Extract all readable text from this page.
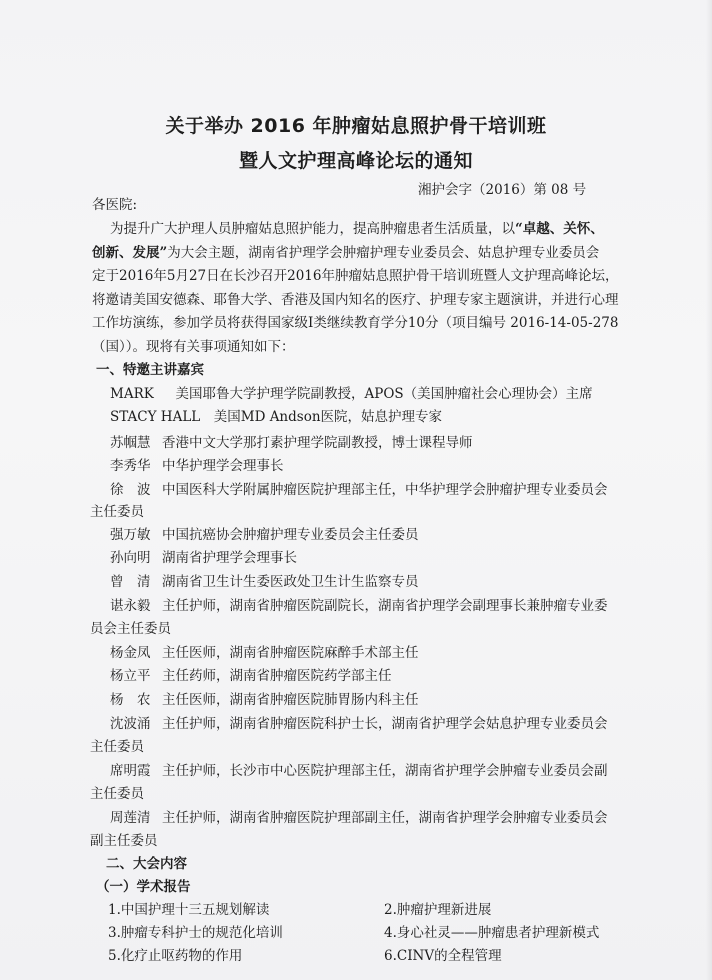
关于举办 2016 年肿瘤姑息照护骨干培训班
暨人文护理高峰论坛的通知
湘护会字（2016）第 08 号
各医院:
为提升广大护理人员肿瘤姑息照护能力，提高肿瘤患者生活质量，以“卓越、关怀、
创新、发展”为大会主题，湖南省护理学会肿瘤护理专业委员会、姑息护理专业委员会
定于2016年5月27日在长沙召开2016年肿瘤姑息照护骨干培训班暨人文护理高峰论坛，
将邀请美国安德森、耶鲁大学、香港及国内知名的医疗、护理专家主题演讲，并进行心理
工作坊演练，参加学员将获得国家级Ⅰ类继续教育学分10分（项目编号 2016-14-05-278
（国））。现将有关事项通知如下：
一、特邀主讲嘉宾
MARK　 美国耶鲁大学护理学院副教授，APOS（美国肿瘤社会心理协会）主席
STACY HALL　 美国MD Andson医院，姑息护理专家
苏帼慧 香港中文大学那打素护理学院副教授，博士课程导师
李秀华 中华护理学会理事长
徐　波 中国医科大学附属肿瘤医院护理部主任，中华护理学会肿瘤护理专业委员会
主任委员
强万敏 中国抗癌协会肿瘤护理专业委员会主任委员
孙向明 湖南省护理学会理事长
曾　清 湖南省卫生计生委医政处卫生计生监察专员
谌永毅 主任护师，湖南省肿瘤医院副院长，湖南省护理学会副理事长兼肿瘤专业委
员会主任委员
杨金凤 主任医师，湖南省肿瘤医院麻醉手术部主任
杨立平 主任药师，湖南省肿瘤医院药学部主任
杨　农 主任医师，湖南省肿瘤医院肺胃肠内科主任
沈波涌 主任护师，湖南省肿瘤医院科护士长，湖南省护理学会姑息护理专业委员会
主任委员
席明霞 主任护师，长沙市中心医院护理部主任，湖南省护理学会肿瘤专业委员会副
主任委员
周莲清 主任护师，湖南省肿瘤医院护理部副主任，湖南省护理学会肿瘤专业委员会
副主任委员
二、大会内容
（一）学术报告
1.中国护理十三五规划解读	2.肿瘤护理新进展
3.肿瘤专科护士的规范化培训	4.身心社灵——肿瘤患者护理新模式
5.化疗止呕药物的作用	6.CINV的全程管理
